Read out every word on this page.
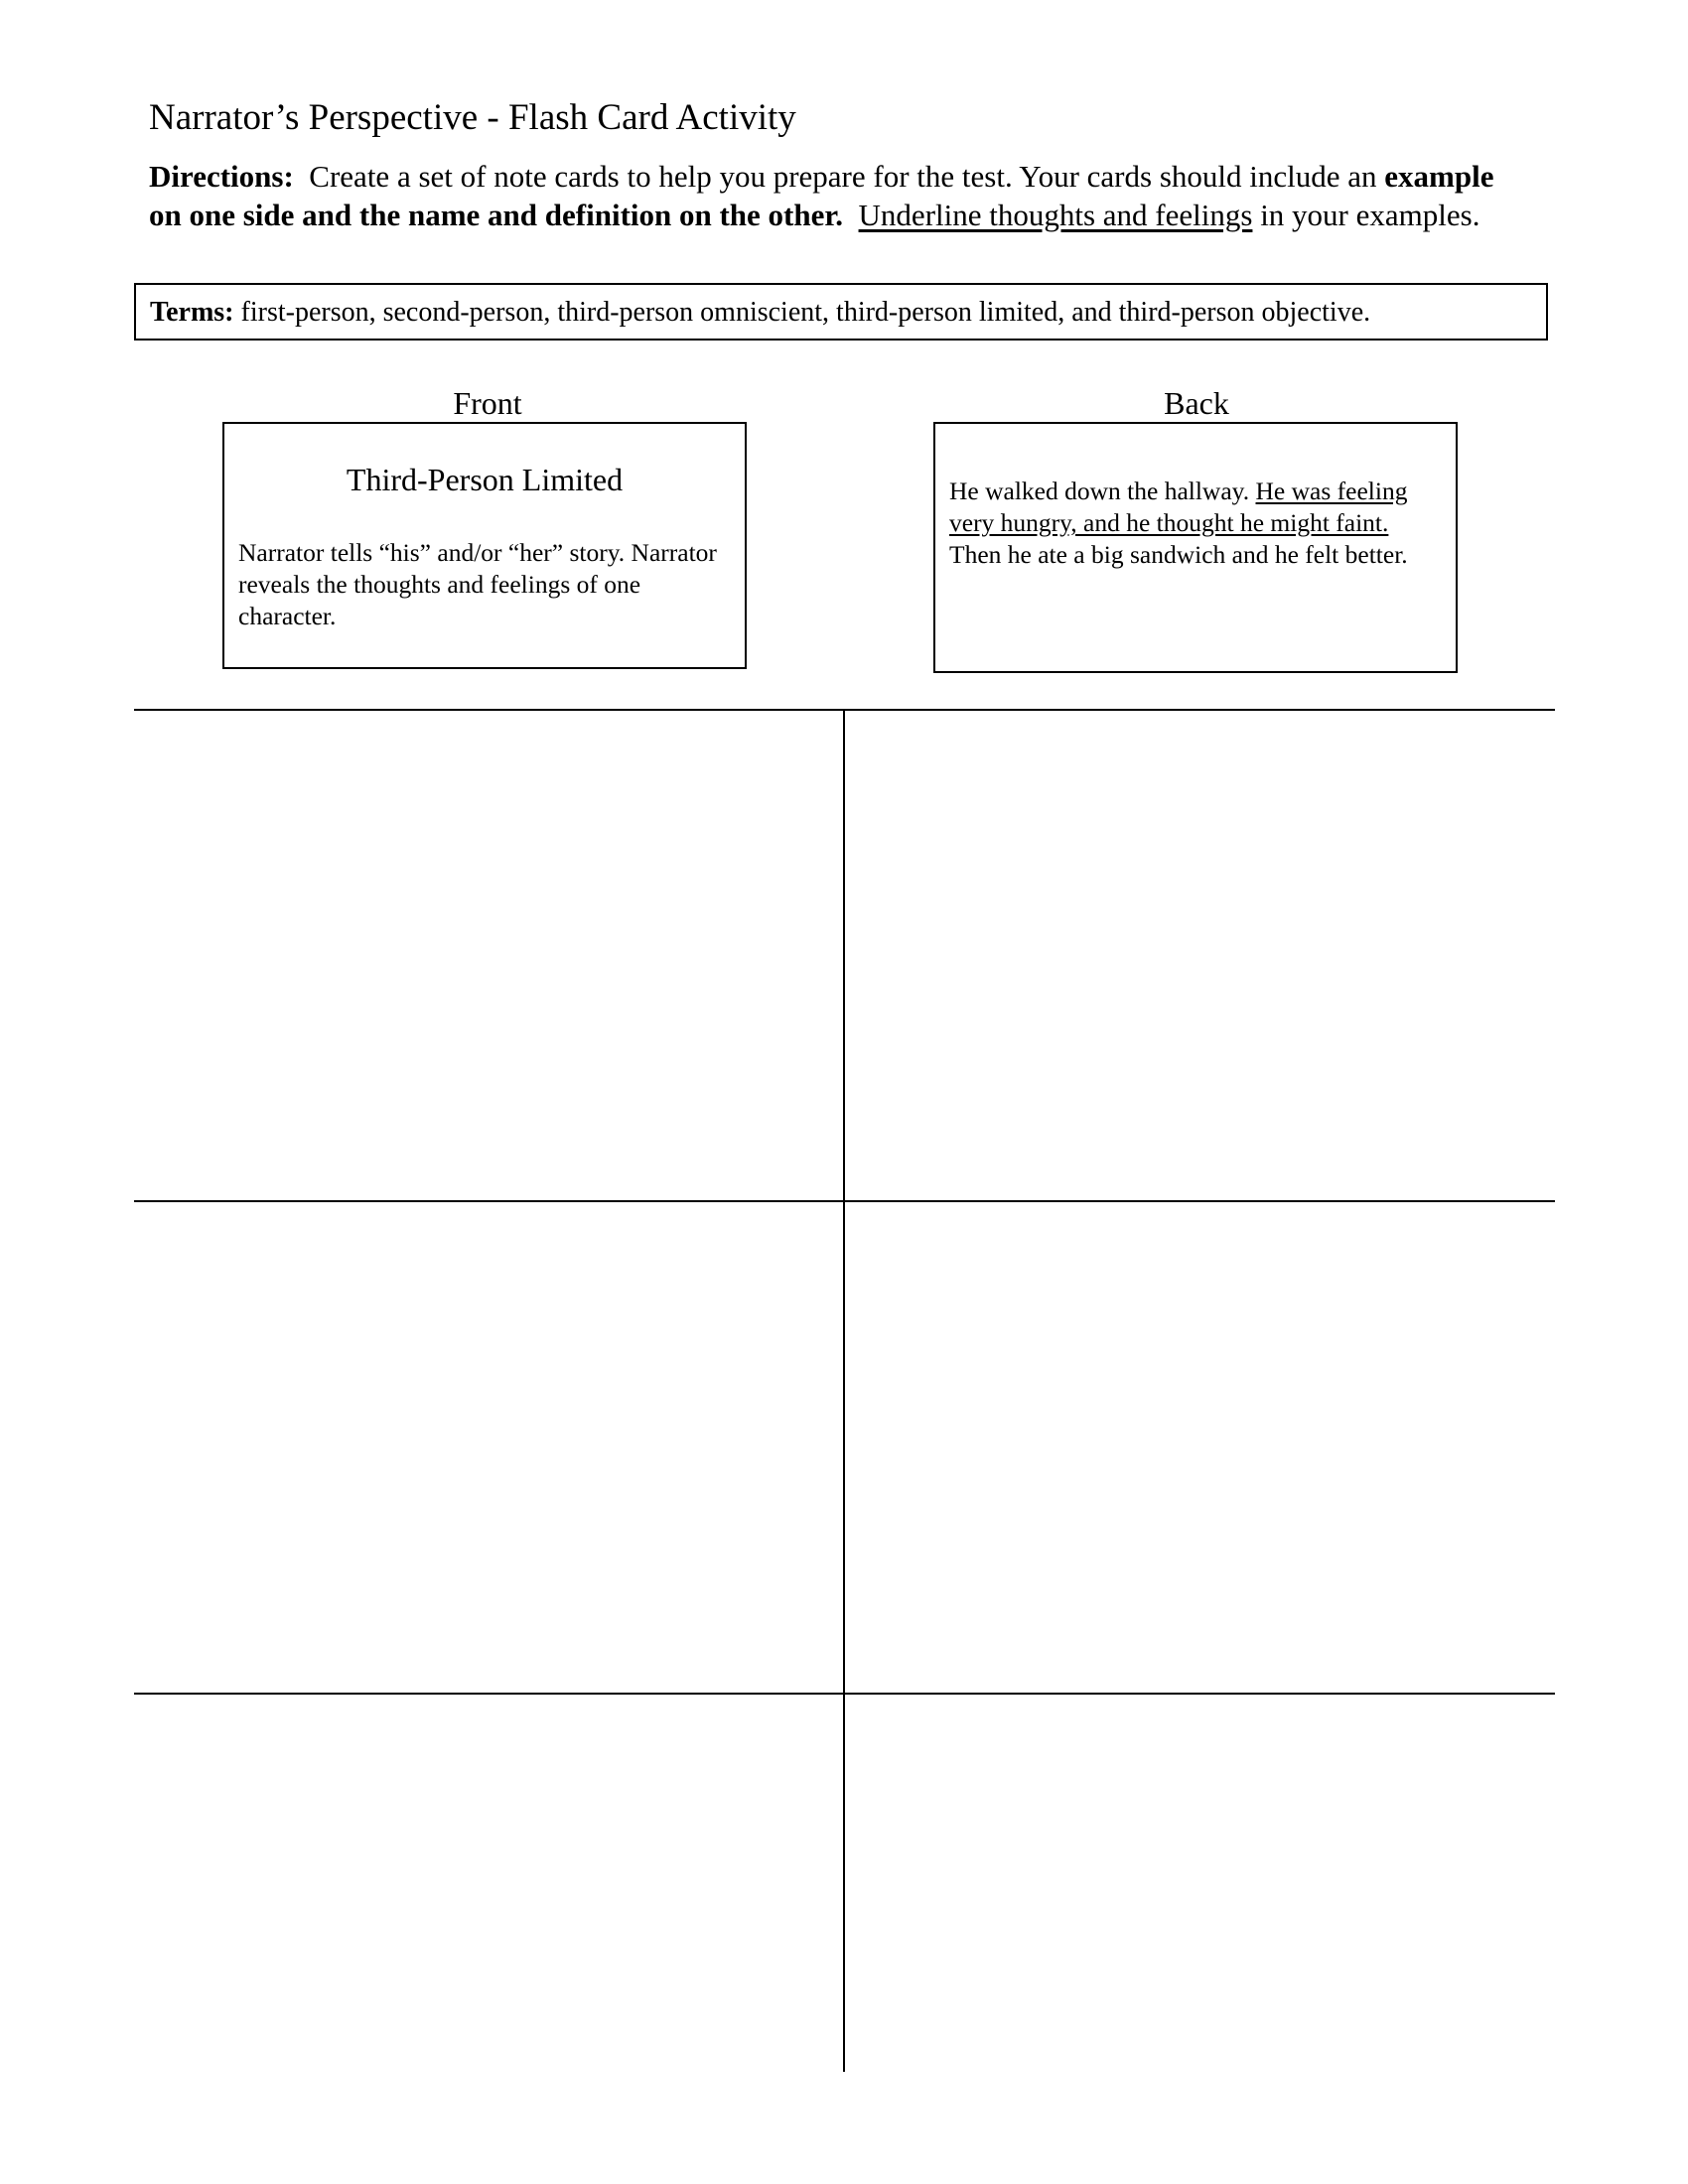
Narrator’s Perspective - Flash Card Activity
Directions: Create a set of note cards to help you prepare for the test. Your cards should include an example on one side and the name and definition on the other. Underline thoughts and feelings in your examples.
Terms: first-person, second-person, third-person omniscient, third-person limited, and third-person objective.
Front	Back
Third-Person Limited
Narrator tells “his” and/or “her” story. Narrator reveals the thoughts and feelings of one character.
He walked down the hallway. He was feeling very hungry, and he thought he might faint. Then he ate a big sandwich and he felt better.
